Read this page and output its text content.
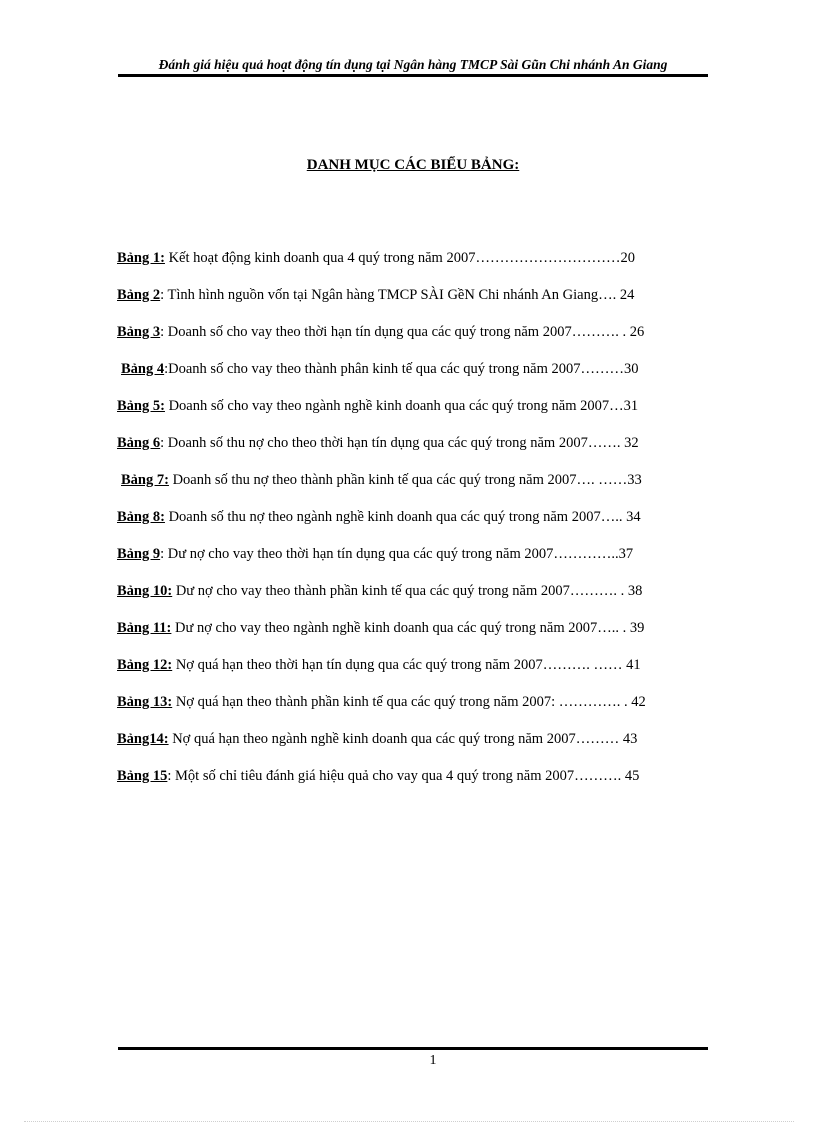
Đánh giá hiệu quả hoạt động tín dụng tại Ngân hàng TMCP Sài Gũn Chi nhánh An Giang
DANH MỤC CÁC BIỂU BẢNG:
Bảng 1: Kết hoạt động kinh doanh qua 4 quý trong năm 2007…………………………20
Bảng 2: Tình hình nguồn vốn tại Ngân hàng TMCP SÀI GềN Chi nhánh An Giang…. 24
Bảng 3: Doanh số cho vay theo thời hạn tín dụng qua các quý trong năm 2007………. . 26
Bảng 4:Doanh số cho vay theo thành phân kinh tế qua các quý trong năm 2007………30
Bảng 5: Doanh số cho vay theo ngành nghề kinh doanh qua các quý trong năm 2007…31
Bảng 6: Doanh số thu nợ cho theo thời hạn tín dụng qua các quý trong năm 2007……. 32
Bảng 7: Doanh số thu nợ theo thành phần kinh tế qua các quý trong năm 2007…. ……33
Bảng 8: Doanh số thu nợ theo ngành nghề kinh doanh qua các quý trong năm 2007….. 34
Bảng 9: Dư nợ cho vay theo thời hạn tín dụng qua các quý trong năm 2007…………..37
Bảng 10: Dư nợ cho vay theo thành phần kinh tế qua các quý trong năm 2007………. . 38
Bảng 11: Dư nợ cho vay theo ngành nghề kinh doanh qua các quý trong năm 2007….. . 39
Bảng 12: Nợ quá hạn theo thời hạn tín dụng qua các quý trong năm 2007………. …… 41
Bảng 13: Nợ quá hạn theo thành phần kinh tế qua các quý trong năm 2007: …………. . 42
Bảng14: Nợ quá hạn theo ngành nghề kinh doanh qua các quý trong năm 2007……… 43
Bảng 15: Một số chỉ tiêu đánh giá hiệu quả cho vay qua 4 quý trong năm 2007………. 45
1
